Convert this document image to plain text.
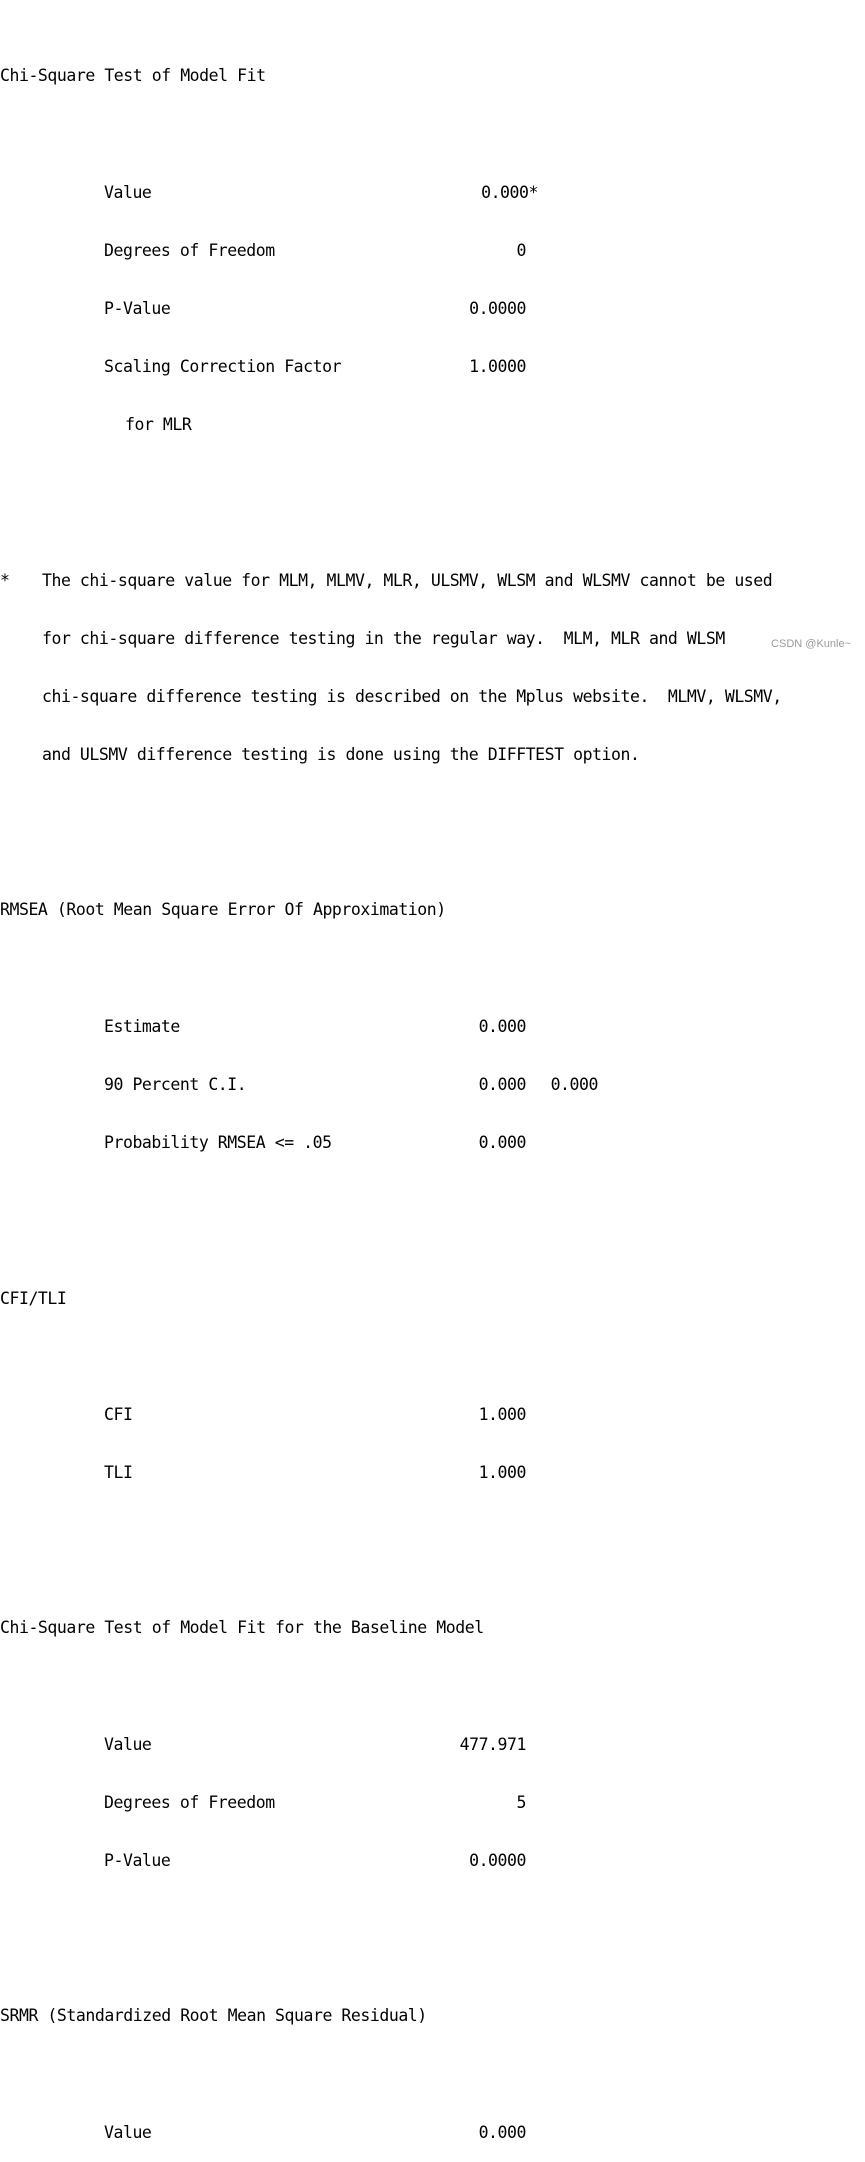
Chi-Square Test of Model Fit

Value	0.000*

Degrees of Freedom	0

P-Value	0.0000

Scaling Correction Factor	1.0000

for MLR

* The chi-square value for MLM, MLMV, MLR, ULSMV, WLSM and WLSMV cannot be used

for chi-square difference testing in the regular way.  MLM, MLR and WLSM

chi-square difference testing is described on the Mplus website.  MLMV, WLSMV,

and ULSMV difference testing is done using the DIFFTEST option.

RMSEA (Root Mean Square Error Of Approximation)

Estimate	0.000

90 Percent C.I.	0.000 0.000

Probability RMSEA <= .05	0.000

CFI/TLI

CFI	1.000

TLI	1.000

Chi-Square Test of Model Fit for the Baseline Model

Value	477.971

Degrees of Freedom	5

P-Value	0.0000

SRMR (Standardized Root Mean Square Residual)

Value	0.000

CSDN @Kunle~
